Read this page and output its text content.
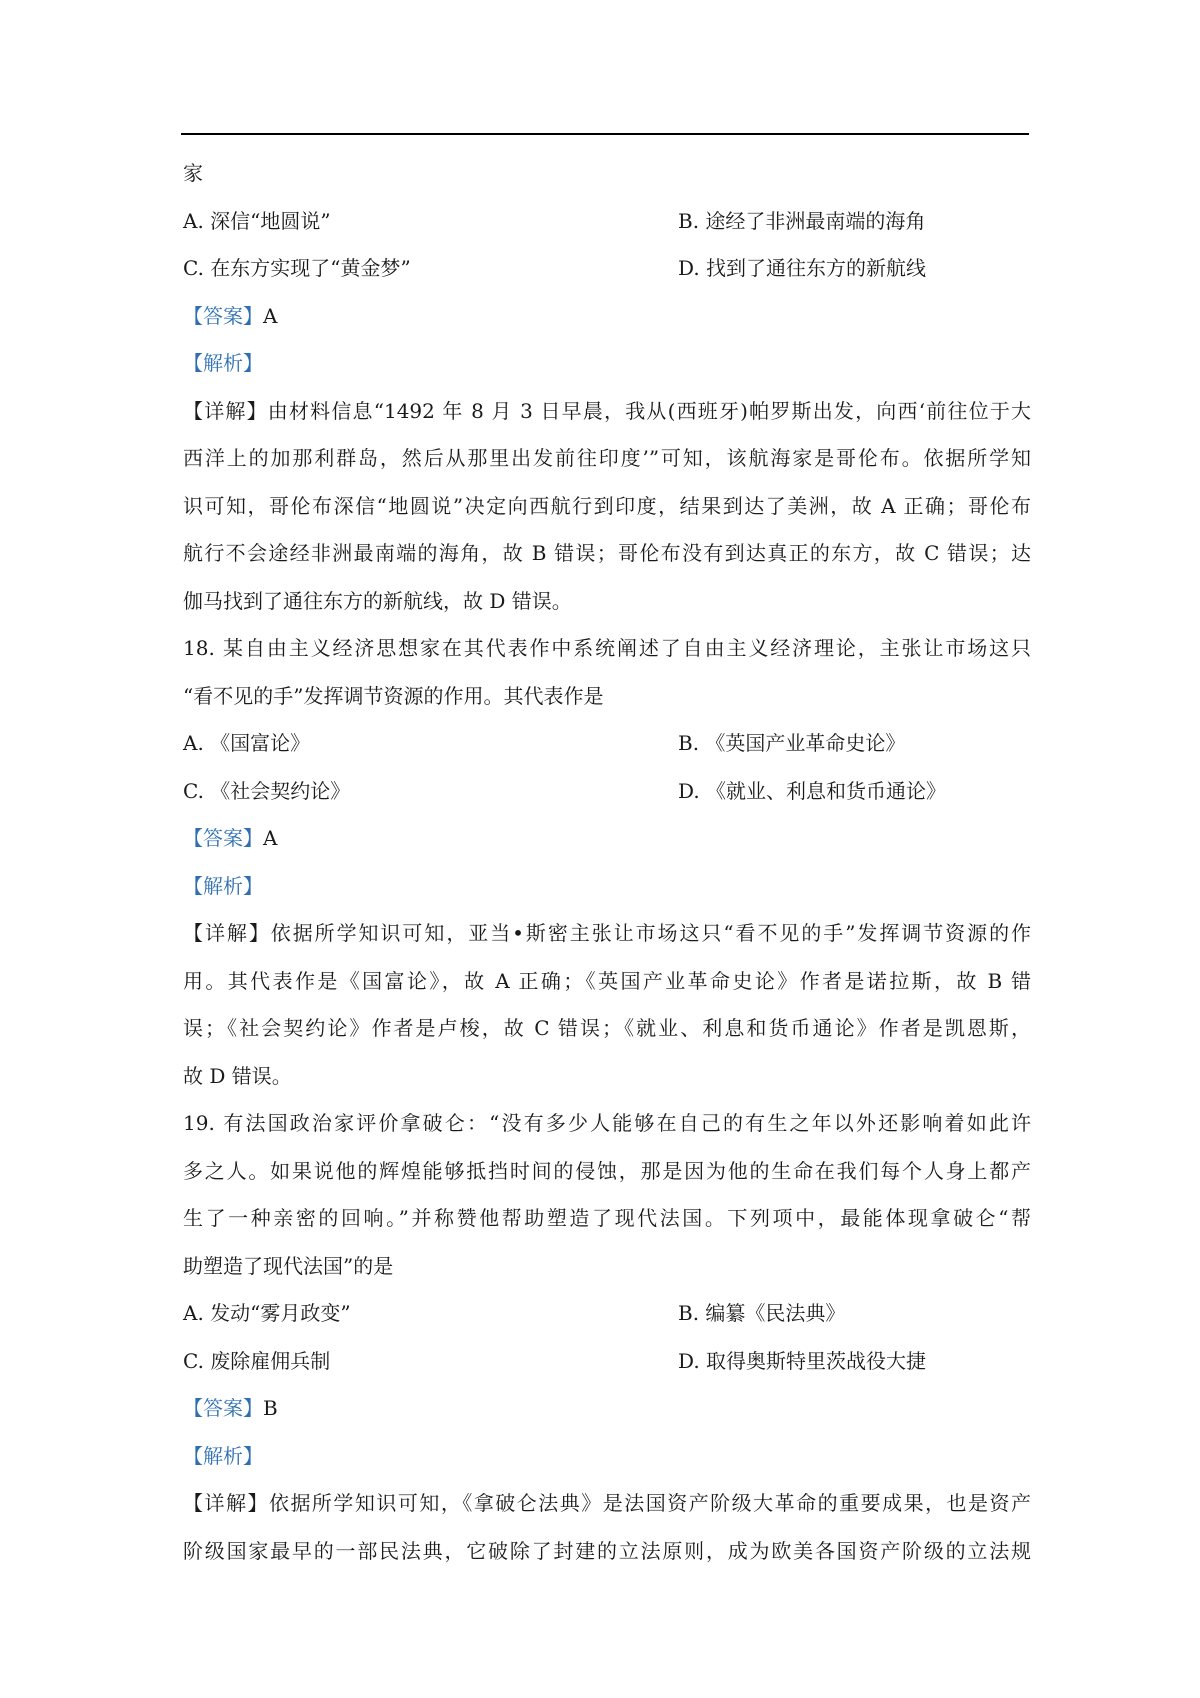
家
A. 深信“地圆说”	B. 途经了非洲最南端的海角
C. 在东方实现了“黄金梦”	D. 找到了通往东方的新航线
【答案】A
【解析】
【详解】由材料信息“1492 年 8 月 3 日早晨，我从(西班牙)帕罗斯出发，向西‘前往位于大
西洋上的加那利群岛，然后从那里出发前往印度’”可知，该航海家是哥伦布。依据所学知
识可知，哥伦布深信“地圆说”决定向西航行到印度，结果到达了美洲，故 A 正确；哥伦布
航行不会途经非洲最南端的海角，故 B 错误；哥伦布没有到达真正的东方，故 C 错误；达
伽马找到了通往东方的新航线，故 D 错误。
18. 某自由主义经济思想家在其代表作中系统阐述了自由主义经济理论，主张让市场这只
“看不见的手”发挥调节资源的作用。其代表作是
A. 《国富论》	B. 《英国产业革命史论》
C. 《社会契约论》	D. 《就业、利息和货币通论》
【答案】A
【解析】
【详解】依据所学知识可知，亚当•斯密主张让市场这只“看不见的手”发挥调节资源的作
用。其代表作是《国富论》，故 A 正确；《英国产业革命史论》作者是诺拉斯，故 B 错
误；《社会契约论》作者是卢梭，故 C 错误；《就业、利息和货币通论》作者是凯恩斯，
故 D 错误。
19. 有法国政治家评价拿破仑：“没有多少人能够在自己的有生之年以外还影响着如此许
多之人。如果说他的辉煌能够抵挡时间的侵蚀，那是因为他的生命在我们每个人身上都产
生了一种亲密的回响。”并称赞他帮助塑造了现代法国。下列项中，最能体现拿破仑“帮
助塑造了现代法国”的是
A. 发动“雾月政变”	B. 编纂《民法典》
C. 废除雇佣兵制	D. 取得奥斯特里茨战役大捷
【答案】B
【解析】
【详解】依据所学知识可知，《拿破仑法典》是法国资产阶级大革命的重要成果，也是资产
阶级国家最早的一部民法典，它破除了封建的立法原则，成为欧美各国资产阶级的立法规
